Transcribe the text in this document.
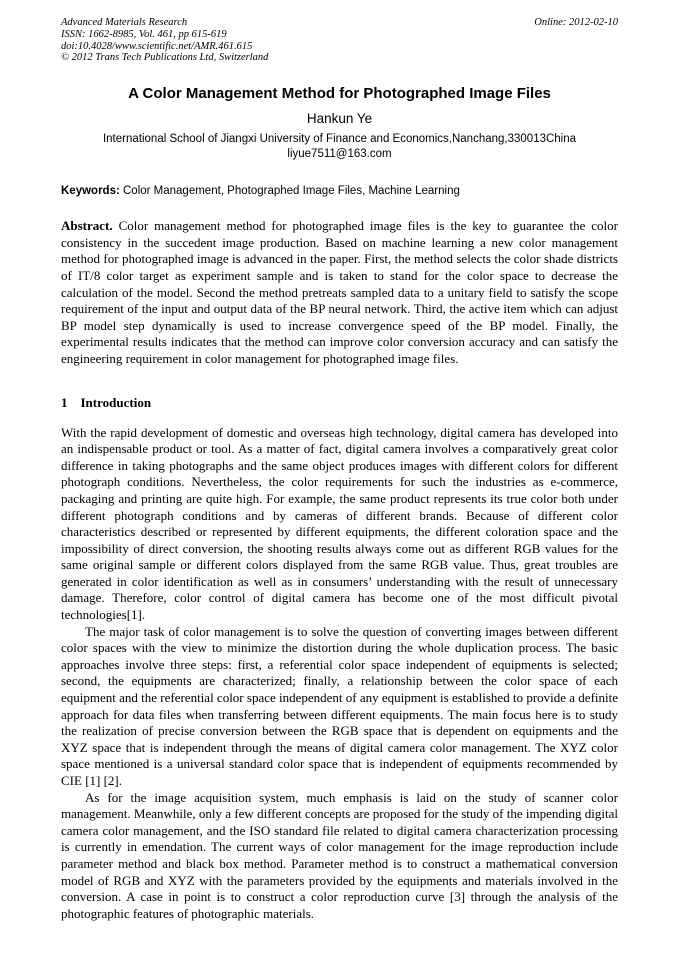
Advanced Materials Research
ISSN: 1662-8985, Vol. 461, pp 615-619
doi:10.4028/www.scientific.net/AMR.461.615
© 2012 Trans Tech Publications Ltd, Switzerland
Online: 2012-02-10
A Color Management Method for Photographed Image Files
Hankun Ye
International School of Jiangxi University of Finance and Economics,Nanchang,330013China
liyue7511@163.com
Keywords: Color Management, Photographed Image Files, Machine Learning
Abstract. Color management method for photographed image files is the key to guarantee the color consistency in the succedent image production. Based on machine learning a new color management method for photographed image is advanced in the paper. First, the method selects the color shade districts of IT/8 color target as experiment sample and is taken to stand for the color space to decrease the calculation of the model. Second the method pretreats sampled data to a unitary field to satisfy the scope requirement of the input and output data of the BP neural network. Third, the active item which can adjust BP model step dynamically is used to increase convergence speed of the BP model. Finally, the experimental results indicates that the method can improve color conversion accuracy and can satisfy the engineering requirement in color management for photographed image files.
1    Introduction

With the rapid development of domestic and overseas high technology, digital camera has developed into an indispensable product or tool. As a matter of fact, digital camera involves a comparatively great color difference in taking photographs and the same object produces images with different colors for different photograph conditions. Nevertheless, the color requirements for such the industries as e-commerce, packaging and printing are quite high. For example, the same product represents its true color both under different photograph conditions and by cameras of different brands. Because of different color characteristics described or represented by different equipments, the different coloration space and the impossibility of direct conversion, the shooting results always come out as different RGB values for the same original sample or different colors displayed from the same RGB value. Thus, great troubles are generated in color identification as well as in consumers’ understanding with the result of unnecessary damage. Therefore, color control of digital camera has become one of the most difficult pivotal technologies[1].

The major task of color management is to solve the question of converting images between different color spaces with the view to minimize the distortion during the whole duplication process. The basic approaches involve three steps: first, a referential color space independent of equipments is selected; second, the equipments are characterized; finally, a relationship between the color space of each equipment and the referential color space independent of any equipment is established to provide a definite approach for data files when transferring between different equipments. The main focus here is to study the realization of precise conversion between the RGB space that is dependent on equipments and the XYZ space that is independent through the means of digital camera color management. The XYZ color space mentioned is a universal standard color space that is independent of equipments recommended by CIE [1] [2].

As for the image acquisition system, much emphasis is laid on the study of scanner color management. Meanwhile, only a few different concepts are proposed for the study of the impending digital camera color management, and the ISO standard file related to digital camera characterization processing is currently in emendation. The current ways of color management for the image reproduction include parameter method and black box method. Parameter method is to construct a mathematical conversion model of RGB and XYZ with the parameters provided by the equipments and materials involved in the conversion. A case in point is to construct a color reproduction curve [3] through the analysis of the photographic features of photographic materials.
